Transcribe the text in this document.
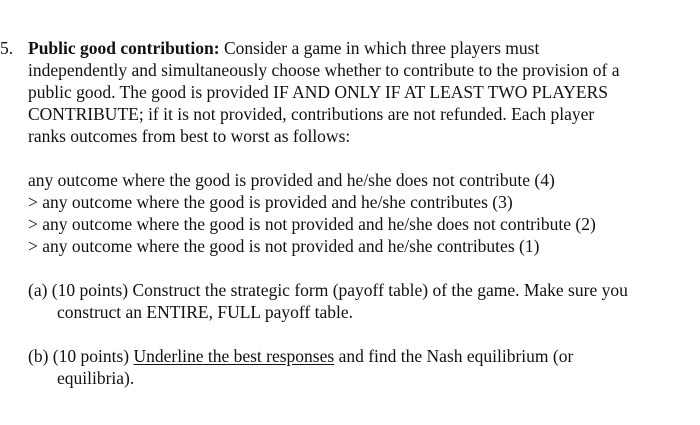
5. Public good contribution: Consider a game in which three players must
independently and simultaneously choose whether to contribute to the provision of a
public good. The good is provided IF AND ONLY IF AT LEAST TWO PLAYERS
CONTRIBUTE; if it is not provided, contributions are not refunded. Each player
ranks outcomes from best to worst as follows:
any outcome where the good is provided and he/she does not contribute (4)
> any outcome where the good is provided and he/she contributes (3)
> any outcome where the good is not provided and he/she does not contribute (2)
> any outcome where the good is not provided and he/she contributes (1)
(a) (10 points) Construct the strategic form (payoff table) of the game. Make sure you
construct an ENTIRE, FULL payoff table.
(b) (10 points) Underline the best responses and find the Nash equilibrium (or
equilibria).
